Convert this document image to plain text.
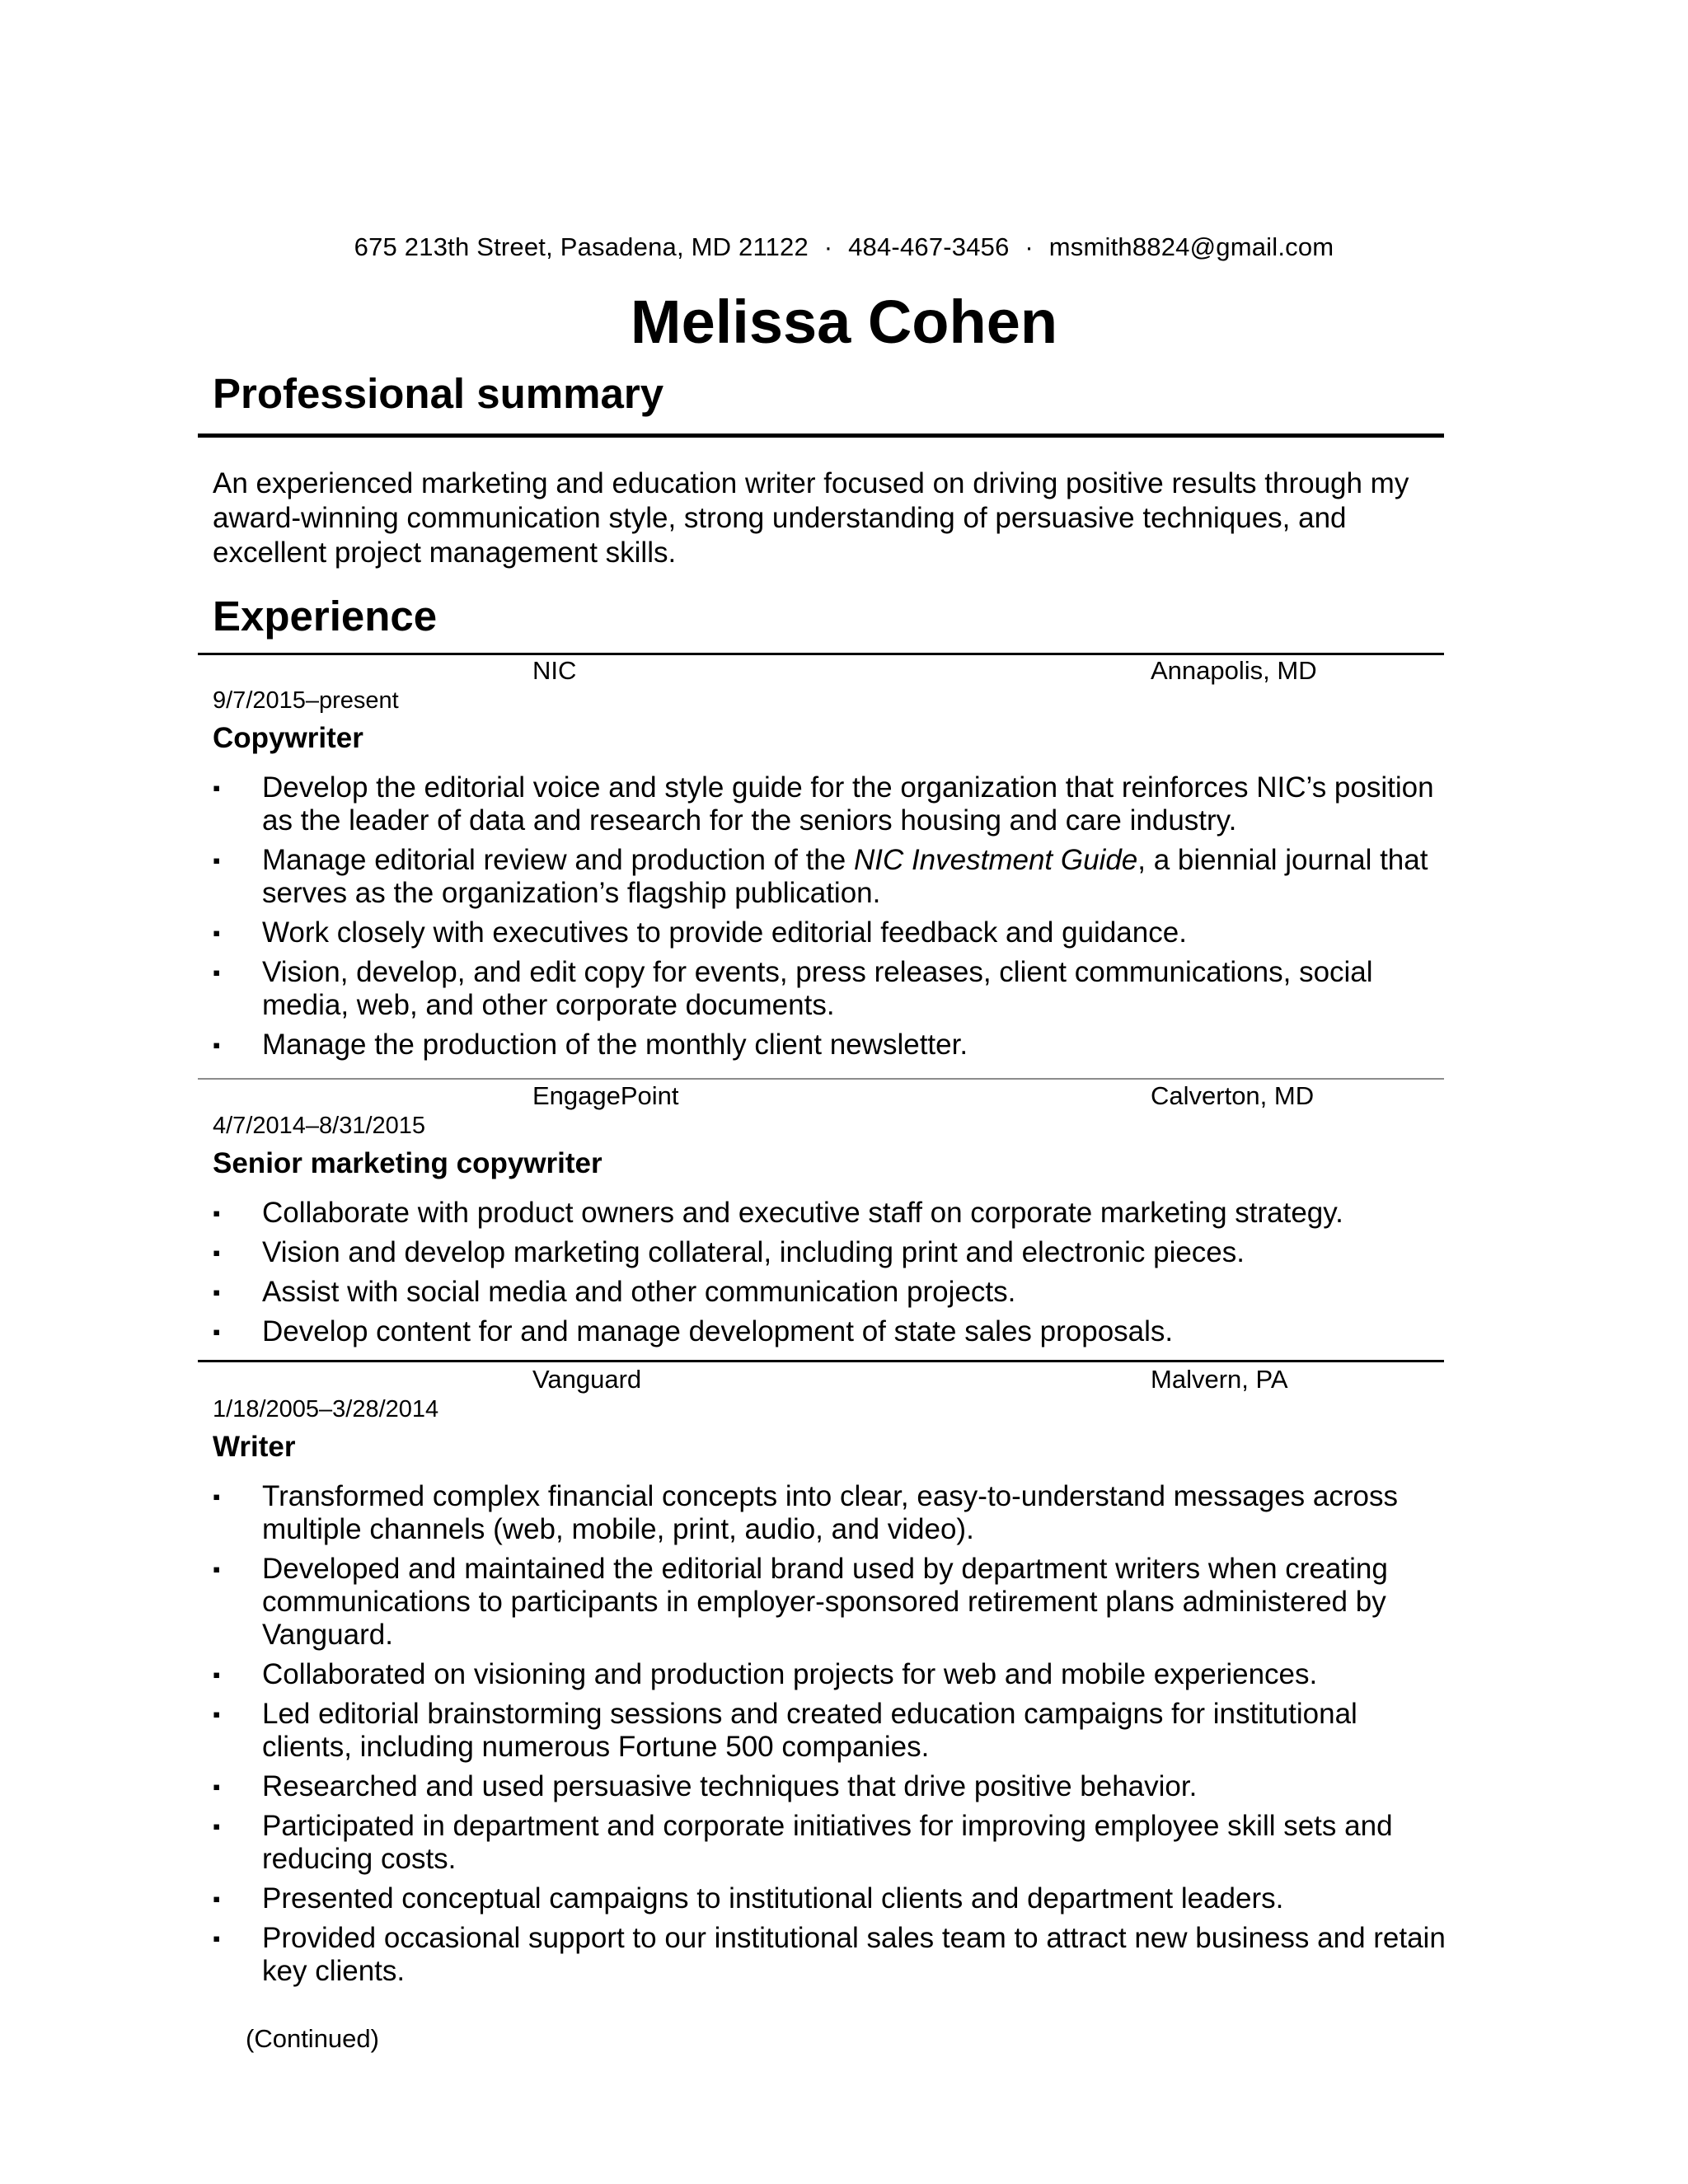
675 213th Street, Pasadena, MD 21122 · 484-467-3456 · msmith8824@gmail.com
Melissa Cohen
Professional summary
An experienced marketing and education writer focused on driving positive results through my award-winning communication style, strong understanding of persuasive techniques, and excellent project management skills.
Experience
NIC	Annapolis, MD
9/7/2015–present
Copywriter
▪ Develop the editorial voice and style guide for the organization that reinforces NIC’s position as the leader of data and research for the seniors housing and care industry.
▪ Manage editorial review and production of the NIC Investment Guide, a biennial journal that serves as the organization’s flagship publication.
▪ Work closely with executives to provide editorial feedback and guidance.
▪ Vision, develop, and edit copy for events, press releases, client communications, social media, web, and other corporate documents.
▪ Manage the production of the monthly client newsletter.
EngagePoint	Calverton, MD
4/7/2014–8/31/2015
Senior marketing copywriter
▪ Collaborate with product owners and executive staff on corporate marketing strategy.
▪ Vision and develop marketing collateral, including print and electronic pieces.
▪ Assist with social media and other communication projects.
▪ Develop content for and manage development of state sales proposals.
Vanguard	Malvern, PA
1/18/2005–3/28/2014
Writer
▪ Transformed complex financial concepts into clear, easy-to-understand messages across multiple channels (web, mobile, print, audio, and video).
▪ Developed and maintained the editorial brand used by department writers when creating communications to participants in employer-sponsored retirement plans administered by Vanguard.
▪ Collaborated on visioning and production projects for web and mobile experiences.
▪ Led editorial brainstorming sessions and created education campaigns for institutional clients, including numerous Fortune 500 companies.
▪ Researched and used persuasive techniques that drive positive behavior.
▪ Participated in department and corporate initiatives for improving employee skill sets and reducing costs.
▪ Presented conceptual campaigns to institutional clients and department leaders.
▪ Provided occasional support to our institutional sales team to attract new business and retain key clients.
(Continued)
